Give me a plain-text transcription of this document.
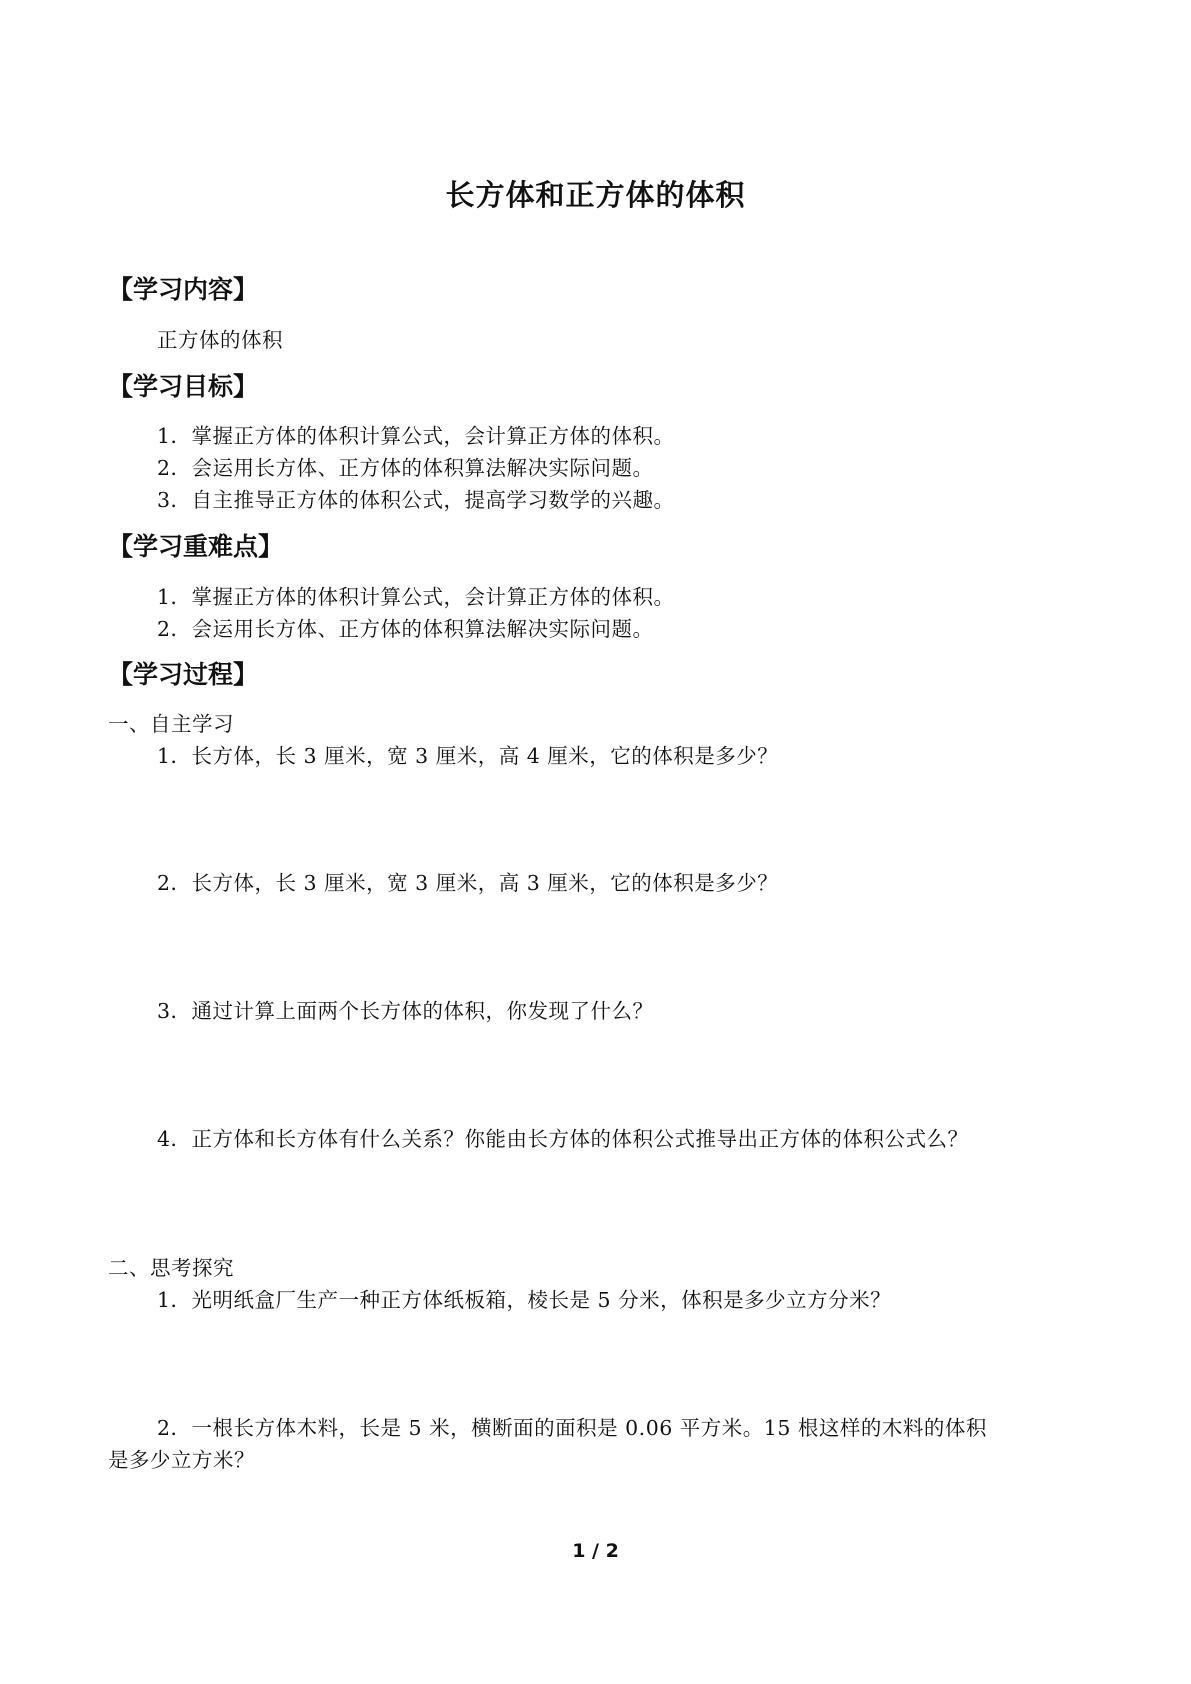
长方体和正方体的体积
【学习内容】
正方体的体积
【学习目标】
1．掌握正方体的体积计算公式，会计算正方体的体积。
2．会运用长方体、正方体的体积算法解决实际问题。
3．自主推导正方体的体积公式，提高学习数学的兴趣。
【学习重难点】
1．掌握正方体的体积计算公式，会计算正方体的体积。
2．会运用长方体、正方体的体积算法解决实际问题。
【学习过程】
一、自主学习
1．长方体，长 3 厘米，宽 3 厘米，高 4 厘米，它的体积是多少？
2．长方体，长 3 厘米，宽 3 厘米，高 3 厘米，它的体积是多少？
3．通过计算上面两个长方体的体积，你发现了什么？
4．正方体和长方体有什么关系？你能由长方体的体积公式推导出正方体的体积公式么？
二、思考探究
1．光明纸盒厂生产一种正方体纸板箱，棱长是 5 分米，体积是多少立方分米？
2．一根长方体木料，长是 5 米，横断面的面积是 0.06 平方米。15 根这样的木料的体积
是多少立方米？
1 / 2
